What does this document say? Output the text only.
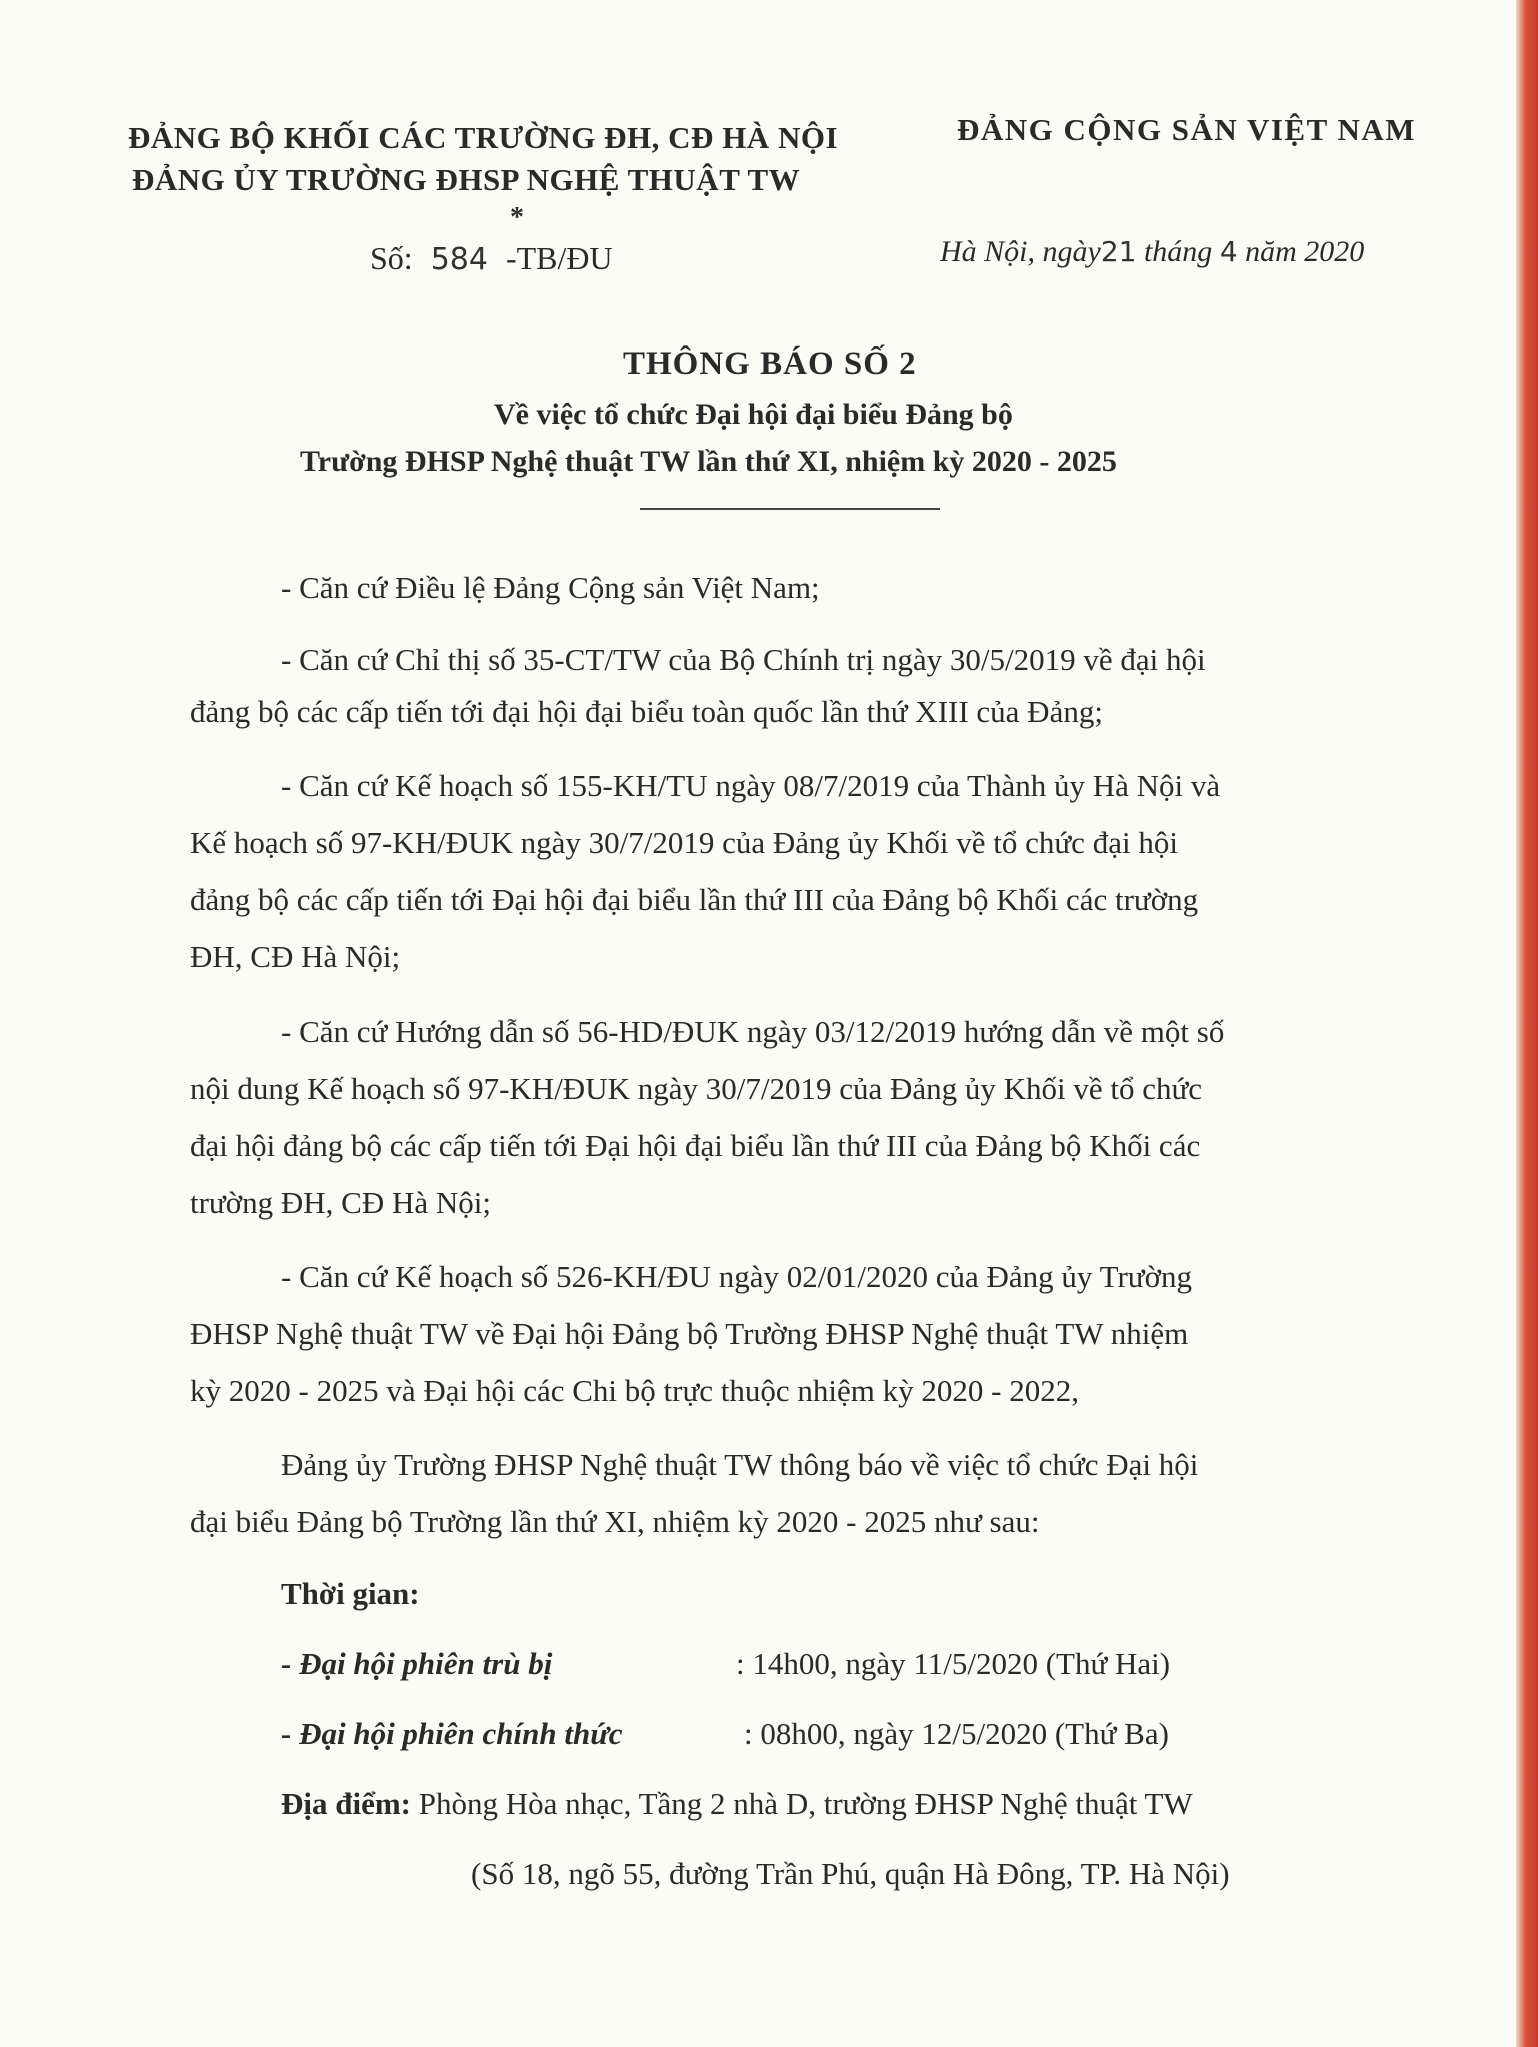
ĐẢNG BỘ KHỐI CÁC TRƯỜNG ĐH, CĐ HÀ NỘI
ĐẢNG ỦY TRƯỜNG ĐHSP NGHỆ THUẬT TW
*
ĐẢNG CỘNG SẢN VIỆT NAM
Số: 584 -TB/ĐU	Hà Nội, ngày21 tháng 4 năm 2020
THÔNG BÁO SỐ 2
Về việc tổ chức Đại hội đại biểu Đảng bộ
Trường ĐHSP Nghệ thuật TW lần thứ XI, nhiệm kỳ 2020 - 2025
- Căn cứ Điều lệ Đảng Cộng sản Việt Nam;
- Căn cứ Chỉ thị số 35-CT/TW của Bộ Chính trị ngày 30/5/2019 về đại hội
đảng bộ các cấp tiến tới đại hội đại biểu toàn quốc lần thứ XIII của Đảng;
- Căn cứ Kế hoạch số 155-KH/TU ngày 08/7/2019 của Thành ủy Hà Nội và
Kế hoạch số 97-KH/ĐUK ngày 30/7/2019 của Đảng ủy Khối về tổ chức đại hội
đảng bộ các cấp tiến tới Đại hội đại biểu lần thứ III của Đảng bộ Khối các trường
ĐH, CĐ Hà Nội;
- Căn cứ Hướng dẫn số 56-HD/ĐUK ngày 03/12/2019 hướng dẫn về một số
nội dung Kế hoạch số 97-KH/ĐUK ngày 30/7/2019 của Đảng ủy Khối về tổ chức
đại hội đảng bộ các cấp tiến tới Đại hội đại biểu lần thứ III của Đảng bộ Khối các
trường ĐH, CĐ Hà Nội;
- Căn cứ Kế hoạch số 526-KH/ĐU ngày 02/01/2020 của Đảng ủy Trường
ĐHSP Nghệ thuật TW về Đại hội Đảng bộ Trường ĐHSP Nghệ thuật TW nhiệm
kỳ 2020 - 2025 và Đại hội các Chi bộ trực thuộc nhiệm kỳ 2020 - 2022,
Đảng ủy Trường ĐHSP Nghệ thuật TW thông báo về việc tổ chức Đại hội
đại biểu Đảng bộ Trường lần thứ XI, nhiệm kỳ 2020 - 2025 như sau:
Thời gian:
- Đại hội phiên trù bị	: 14h00, ngày 11/5/2020 (Thứ Hai)
- Đại hội phiên chính thức	: 08h00, ngày 12/5/2020 (Thứ Ba)
Địa điểm: Phòng Hòa nhạc, Tầng 2 nhà D, trường ĐHSP Nghệ thuật TW
(Số 18, ngõ 55, đường Trần Phú, quận Hà Đông, TP. Hà Nội)
